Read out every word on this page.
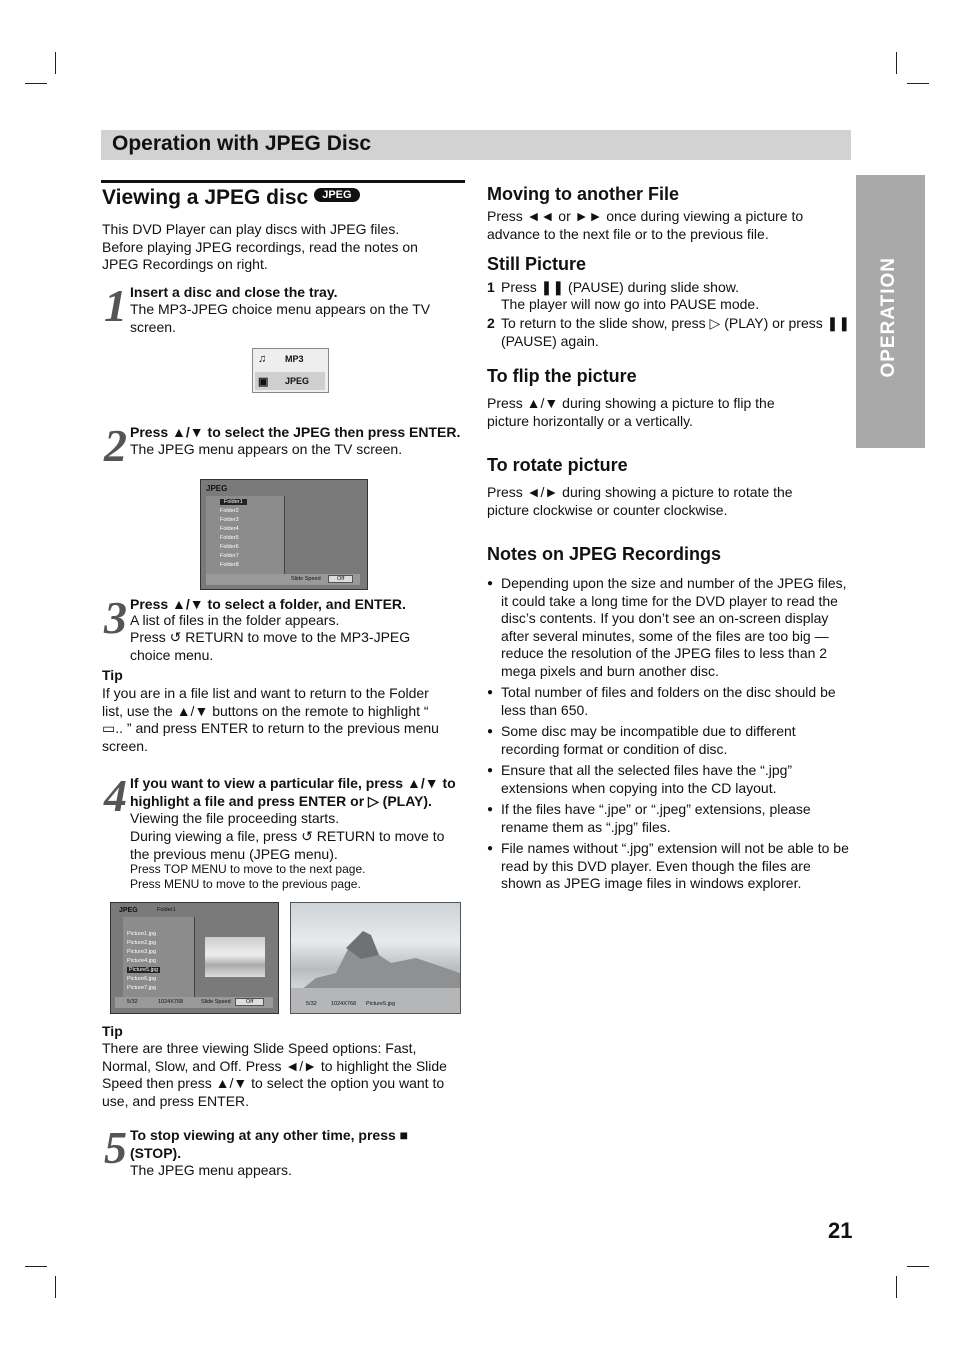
Operation with JPEG Disc
OPERATION
Viewing a JPEG disc JPEG

This DVD Player can play discs with JPEG files. Before playing JPEG recordings, read the notes on JPEG Recordings on right.

1 Insert a disc and close the tray.

The MP3-JPEG choice menu appears on the TV screen.

♫ MP3
▣ JPEG
2 Press ▲/▼ to select the JPEG then press ENTER.

The JPEG menu appears on the TV screen.

JPEG
Folder1
Folder2
Folder3
Folder4
Folder5
Folder6
Folder7
Folder8
Slide Speed	Off
3 Press ▲/▼ to select a folder, and ENTER.

A list of files in the folder appears.

Press ↺ RETURN to move to the MP3-JPEG choice menu.

Tip

If you are in a file list and want to return to the Folder list, use the ▲/▼ buttons on the remote to highlight “ ▭.. ” and press ENTER to return to the previous menu screen.

4 If you want to view a particular file, press ▲/▼ to highlight a file and press ENTER or ▷ (PLAY).

Viewing the file proceeding starts.

During viewing a file, press ↺ RETURN to move to the previous menu (JPEG menu).

Press TOP MENU to move to the next page.

Press MENU to move to the previous page.

JPEG	Folder1
Picture1.jpg
Picture2.jpg
Picture3.jpg
Picture4.jpg
Picture5.jpg
Picture6.jpg
Picture7.jpg
5/32	1024X768	Slide Speed	Off	5/32	1024X768 Picture5.jpg
Tip

There are three viewing Slide Speed options: Fast, Normal, Slow, and Off. Press ◄/► to highlight the Slide Speed then press ▲/▼ to select the option you want to use, and press ENTER.

5 To stop viewing at any other time, press ■ (STOP).

The JPEG menu appears.

Moving to another File

Press ◄◄ or ►► once during viewing a picture to advance to the next file or to the previous file.

Still Picture
1 Press ❚❚ (PAUSE) during slide show.

The player will now go into PAUSE mode.

2 To return to the slide show, press ▷ (PLAY) or press ❚❚ (PAUSE) again.

To flip the picture

Press ▲/▼ during showing a picture to flip the picture horizontally or a vertically.

To rotate picture

Press ◄/► during showing a picture to rotate the picture clockwise or counter clockwise.

Notes on JPEG Recordings
● Depending upon the size and number of the JPEG files, it could take a long time for the DVD player to read the disc’s contents. If you don’t see an on-screen display after several minutes, some of the files are too big — reduce the resolution of the JPEG files to less than 2 mega pixels and burn another disc.
● Total number of files and folders on the disc should be less than 650.
● Some disc may be incompatible due to different recording format or condition of disc.
● Ensure that all the selected files have the “.jpg” extensions when copying into the CD layout.
● If the files have “.jpe” or “.jpeg” extensions, please rename them as “.jpg” files.
● File names without “.jpg” extension will not be able to be read by this DVD player. Even though the files are shown as JPEG image files in windows explorer.
21
